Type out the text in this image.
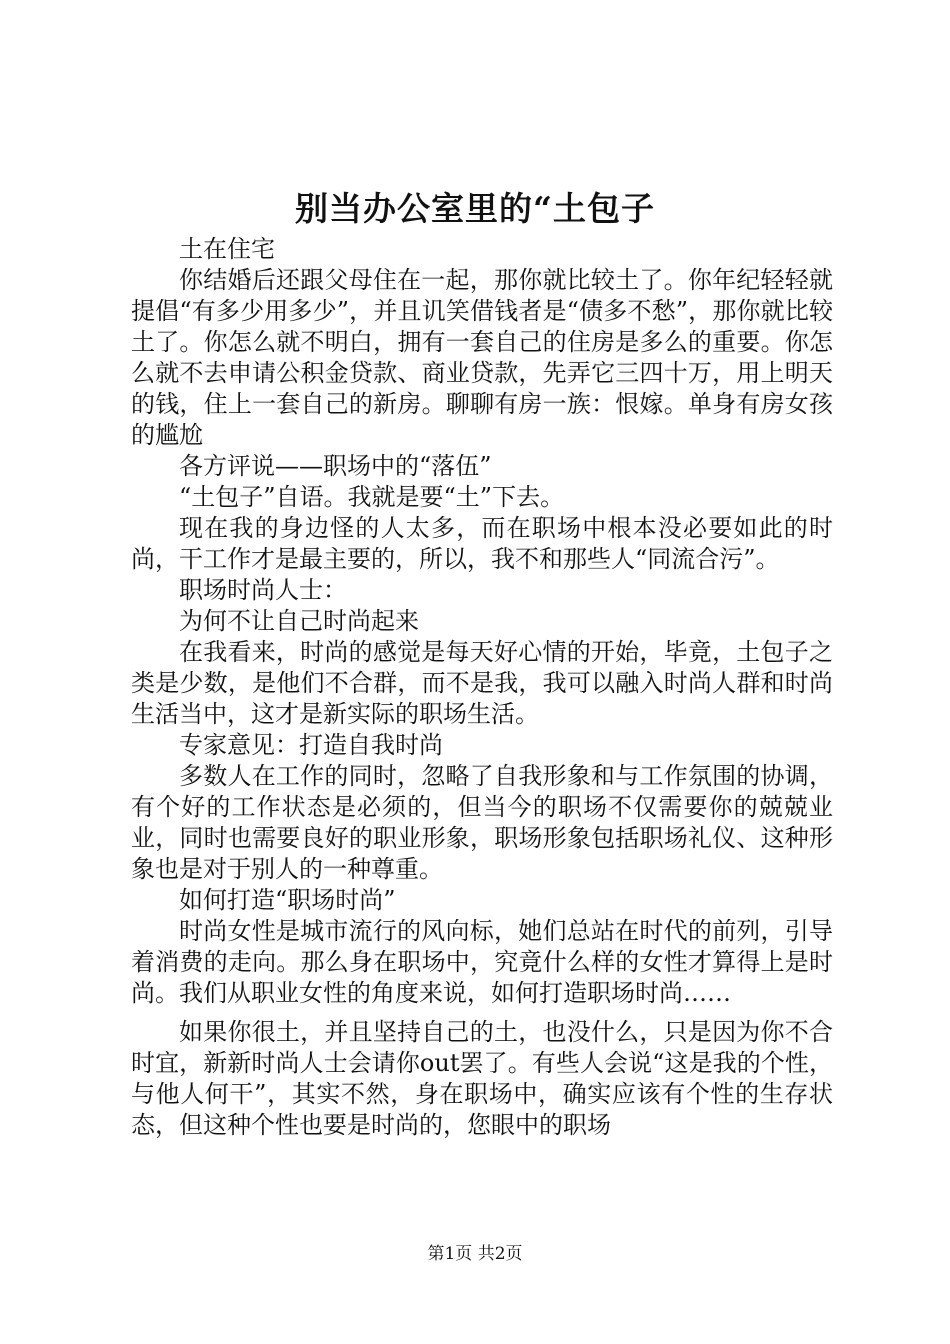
别当办公室里的“土包子

土在住宅

你结婚后还跟父母住在一起，那你就比较土了。你年纪轻轻就提倡“有多少用多少”，并且讥笑借钱者是“债多不愁”，那你就比较土了。你怎么就不明白，拥有一套自己的住房是多么的重要。你怎么就不去申请公积金贷款、商业贷款，先弄它三四十万，用上明天的钱，住上一套自己的新房。聊聊有房一族：恨嫁。单身有房女孩的尴尬

各方评说——职场中的“落伍”

“土包子”自语。我就是要“土”下去。

现在我的身边怪的人太多，而在职场中根本没必要如此的时尚，干工作才是最主要的，所以，我不和那些人“同流合污”。

职场时尚人士：

为何不让自己时尚起来

在我看来，时尚的感觉是每天好心情的开始，毕竟，土包子之类是少数，是他们不合群，而不是我，我可以融入时尚人群和时尚生活当中，这才是新实际的职场生活。

专家意见：打造自我时尚

多数人在工作的同时，忽略了自我形象和与工作氛围的协调，有个好的工作状态是必须的，但当今的职场不仅需要你的兢兢业业，同时也需要良好的职业形象，职场形象包括职场礼仪、这种形象也是对于别人的一种尊重。

如何打造“职场时尚”

时尚女性是城市流行的风向标，她们总站在时代的前列，引导着消费的走向。那么身在职场中，究竟什么样的女性才算得上是时尚。我们从职业女性的角度来说，如何打造职场时尚……

如果你很土，并且坚持自己的土，也没什么，只是因为你不合时宜，新新时尚人士会请你out罢了。有些人会说“这是我的个性，与他人何干”，其实不然，身在职场中，确实应该有个性的生存状态，但这种个性也要是时尚的，您眼中的职场

第1页 共2页
